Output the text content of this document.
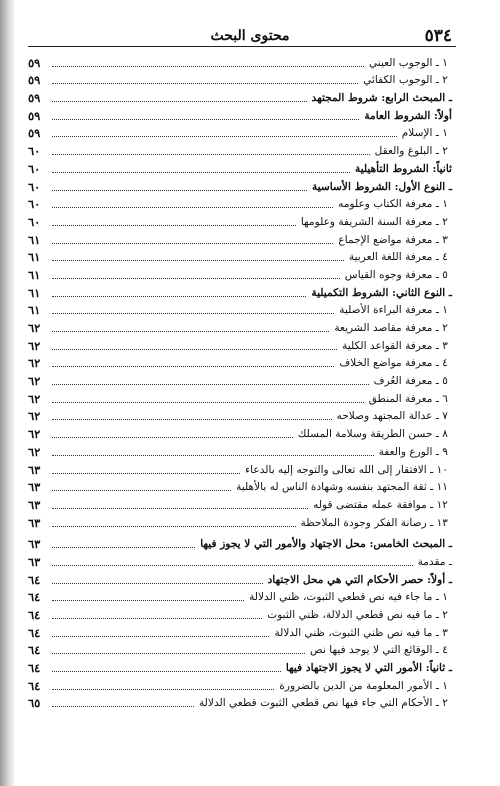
٥٣٤
محتوى البحث
١ ـ الوجوب العيني
٥٩
٢ ـ الوجوب الكفائي
٥٩
ـ المبحث الرابع: شروط المجتهد
٥٩
أولاً: الشروط العامة
٥٩
١ ـ الإسلام
٥٩
٢ ـ البلوغ والعقل
٦٠
ثانياً: الشروط التأهيلية
٦٠
ـ النوع الأول: الشروط الأساسية
٦٠
١ ـ معرفة الكتاب وعلومه
٦٠
٢ ـ معرفة السنة الشريفة وعلومها
٦٠
٣ ـ معرفة مواضع الإجماع
٦١
٤ ـ معرفة اللغة العربية
٦١
٥ ـ معرفة وجوه القياس
٦١
ـ النوع الثاني: الشروط التكميلية
٦١
١ ـ معرفة البراءة الأصلية
٦١
٢ ـ معرفة مقاصد الشريعة
٦٢
٣ ـ معرفة القواعد الكلية
٦٢
٤ ـ معرفة مواضع الخلاف
٦٢
٥ ـ معرفة العُرف
٦٢
٦ ـ معرفة المنطق
٦٢
٧ ـ عدالة المجتهد وصلاحه
٦٢
٨ ـ حسن الطريقة وسلامة المسلك
٦٢
٩ ـ الورع والعفة
٦٢
١٠ ـ الافتقار إلى الله تعالى والتوجه إليه بالدعاء
٦٣
١١ ـ ثقة المجتهد بنفسه وشهادة الناس له بالأهلية
٦٣
١٢ ـ موافقة عمله مقتضى قوله
٦٣
١٣ ـ رصانة الفكر وجودة الملاحظة
٦٣
ـ المبحث الخامس: محل الاجتهاد والأمور التي لا يجوز فيها
٦٣
ـ مقدمة
٦٣
ـ أولاً: حصر الأحكام التي هي محل الاجتهاد
٦٤
١ ـ ما جاء فيه نص قطعي الثبوت، ظني الدلالة
٦٤
٢ ـ ما فيه نص قطعي الدلالة، ظني الثبوت
٦٤
٣ ـ ما فيه نص ظني الثبوت، ظني الدلالة
٦٤
٤ ـ الوقائع التي لا يوجد فيها نص
٦٤
ـ ثانياً: الأمور التي لا يجوز الاجتهاد فيها
٦٤
١ ـ الأمور المعلومة من الدين بالضرورة
٦٤
٢ ـ الأحكام التي جاء فيها نص قطعي الثبوت قطعي الدلالة
٦٥
